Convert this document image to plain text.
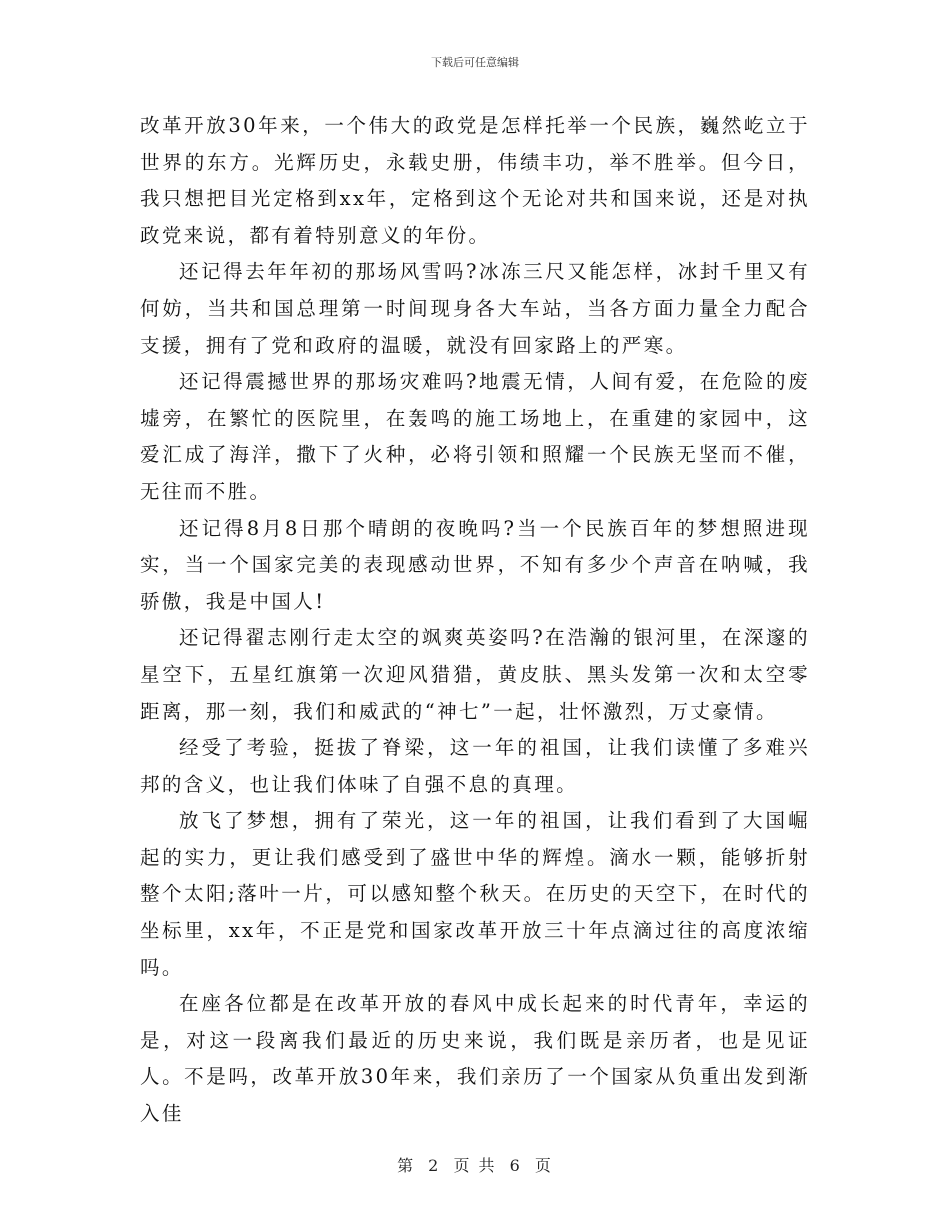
下载后可任意编辑

改革开放30年来，一个伟大的政党是怎样托举一个民族，巍然屹立于世界的东方。光辉历史，永载史册，伟绩丰功，举不胜举。但今日，我只想把目光定格到xx年，定格到这个无论对共和国来说，还是对执政党来说，都有着特别意义的年份。

还记得去年年初的那场风雪吗?冰冻三尺又能怎样，冰封千里又有何妨，当共和国总理第一时间现身各大车站，当各方面力量全力配合支援，拥有了党和政府的温暖，就没有回家路上的严寒。

还记得震撼世界的那场灾难吗?地震无情，人间有爱，在危险的废墟旁，在繁忙的医院里，在轰鸣的施工场地上，在重建的家园中，这爱汇成了海洋，撒下了火种，必将引领和照耀一个民族无坚而不催，无往而不胜。

还记得8月8日那个晴朗的夜晚吗?当一个民族百年的梦想照进现实，当一个国家完美的表现感动世界，不知有多少个声音在呐喊，我骄傲，我是中国人!

还记得翟志刚行走太空的飒爽英姿吗?在浩瀚的银河里，在深邃的星空下，五星红旗第一次迎风猎猎，黄皮肤、黑头发第一次和太空零距离，那一刻，我们和威武的“神七”一起，壮怀激烈，万丈豪情。

经受了考验，挺拔了脊梁，这一年的祖国，让我们读懂了多难兴邦的含义，也让我们体味了自强不息的真理。

放飞了梦想，拥有了荣光，这一年的祖国，让我们看到了大国崛起的实力，更让我们感受到了盛世中华的辉煌。滴水一颗，能够折射整个太阳;落叶一片，可以感知整个秋天。在历史的天空下，在时代的坐标里，xx年，不正是党和国家改革开放三十年点滴过往的高度浓缩吗。

在座各位都是在改革开放的春风中成长起来的时代青年，幸运的是，对这一段离我们最近的历史来说，我们既是亲历者，也是见证人。不是吗，改革开放30年来，我们亲历了一个国家从负重出发到渐入佳

第 2 页 共 6 页
